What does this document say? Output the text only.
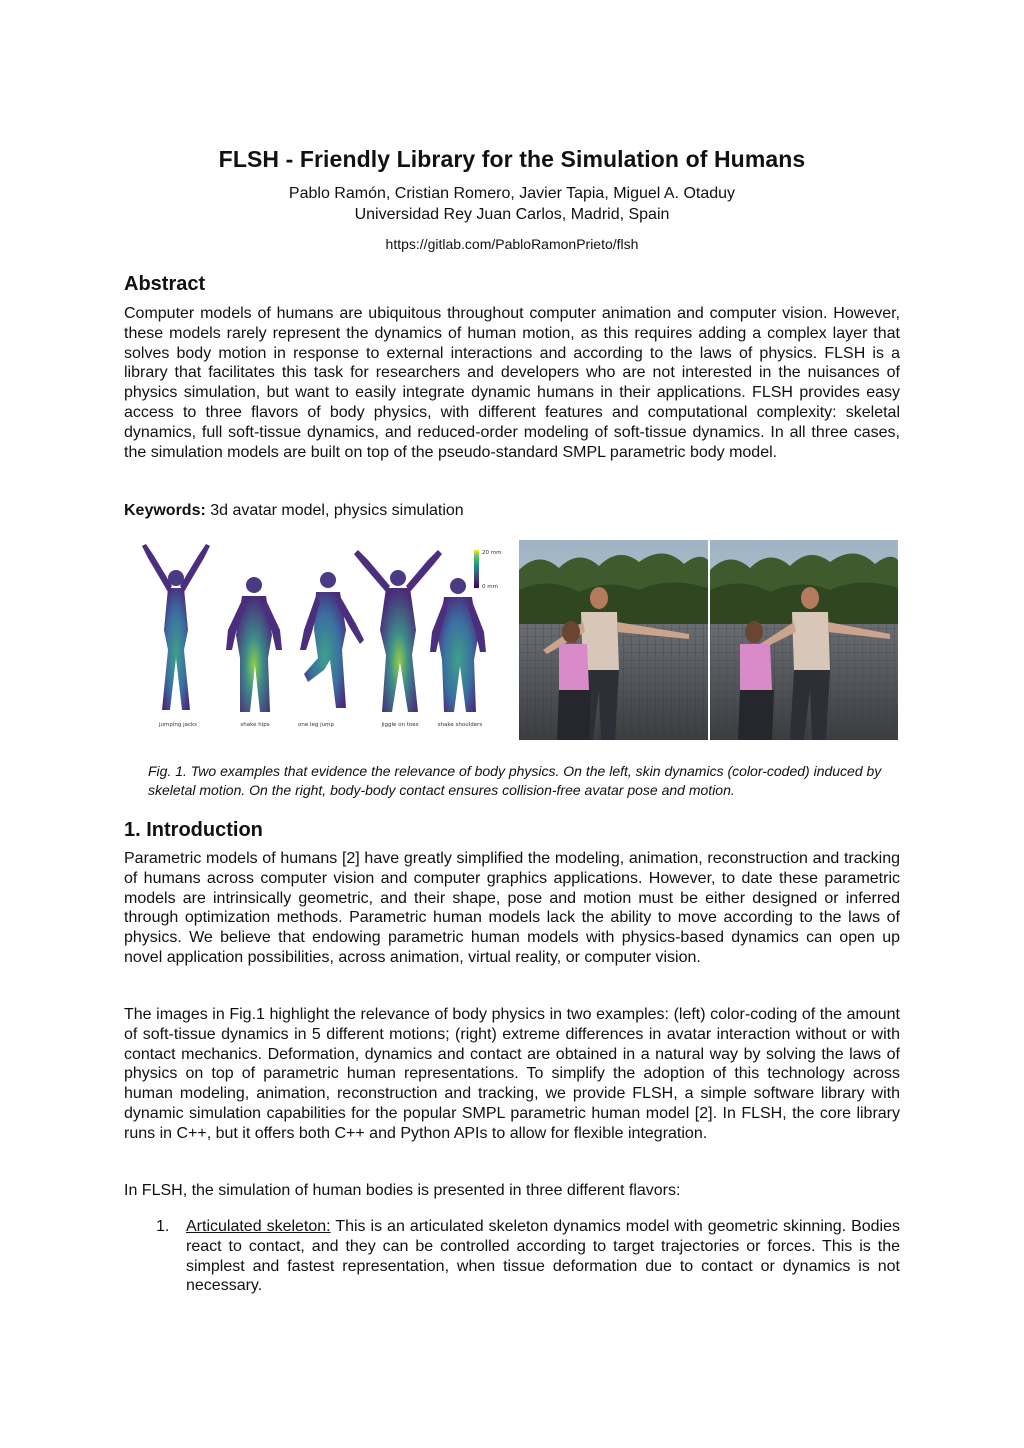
FLSH - Friendly Library for the Simulation of Humans
Pablo Ramón, Cristian Romero, Javier Tapia, Miguel A. Otaduy
Universidad Rey Juan Carlos, Madrid, Spain
https://gitlab.com/PabloRamonPrieto/flsh
Abstract

Computer models of humans are ubiquitous throughout computer animation and computer vision. However, these models rarely represent the dynamics of human motion, as this requires adding a complex layer that solves body motion in response to external interactions and according to the laws of physics. FLSH is a library that facilitates this task for researchers and developers who are not interested in the nuisances of physics simulation, but want to easily integrate dynamic humans in their applications. FLSH provides easy access to three flavors of body physics, with different features and computational complexity: skeletal dynamics, full soft-tissue dynamics, and reduced-order modeling of soft-tissue dynamics. In all three cases, the simulation models are built on top of the pseudo-standard SMPL parametric body model.

Keywords: 3d avatar model, physics simulation
20 mm
0 mm
jumping jacks	shake hips	one leg jump	jiggle on toes	shake shoulders
Fig. 1. Two examples that evidence the relevance of body physics. On the left, skin dynamics (color-coded) induced by skeletal motion. On the right, body-body contact ensures collision-free avatar pose and motion.
1. Introduction

Parametric models of humans [2] have greatly simplified the modeling, animation, reconstruction and tracking of humans across computer vision and computer graphics applications. However, to date these parametric models are intrinsically geometric, and their shape, pose and motion must be either designed or inferred through optimization methods. Parametric human models lack the ability to move according to the laws of physics. We believe that endowing parametric human models with physics-based dynamics can open up novel application possibilities, across animation, virtual reality, or computer vision.

The images in Fig.1 highlight the relevance of body physics in two examples: (left) color-coding of the amount of soft-tissue dynamics in 5 different motions; (right) extreme differences in avatar interaction without or with contact mechanics. Deformation, dynamics and contact are obtained in a natural way by solving the laws of physics on top of parametric human representations. To simplify the adoption of this technology across human modeling, animation, reconstruction and tracking, we provide FLSH, a simple software library with dynamic simulation capabilities for the popular SMPL parametric human model [2]. In FLSH, the core library runs in C++, but it offers both C++ and Python APIs to allow for flexible integration.

In FLSH, the simulation of human bodies is presented in three different flavors:

1. Articulated skeleton: This is an articulated skeleton dynamics model with geometric skinning. Bodies react to contact, and they can be controlled according to target trajectories or forces. This is the simplest and fastest representation, when tissue deformation due to contact or dynamics is not necessary.
